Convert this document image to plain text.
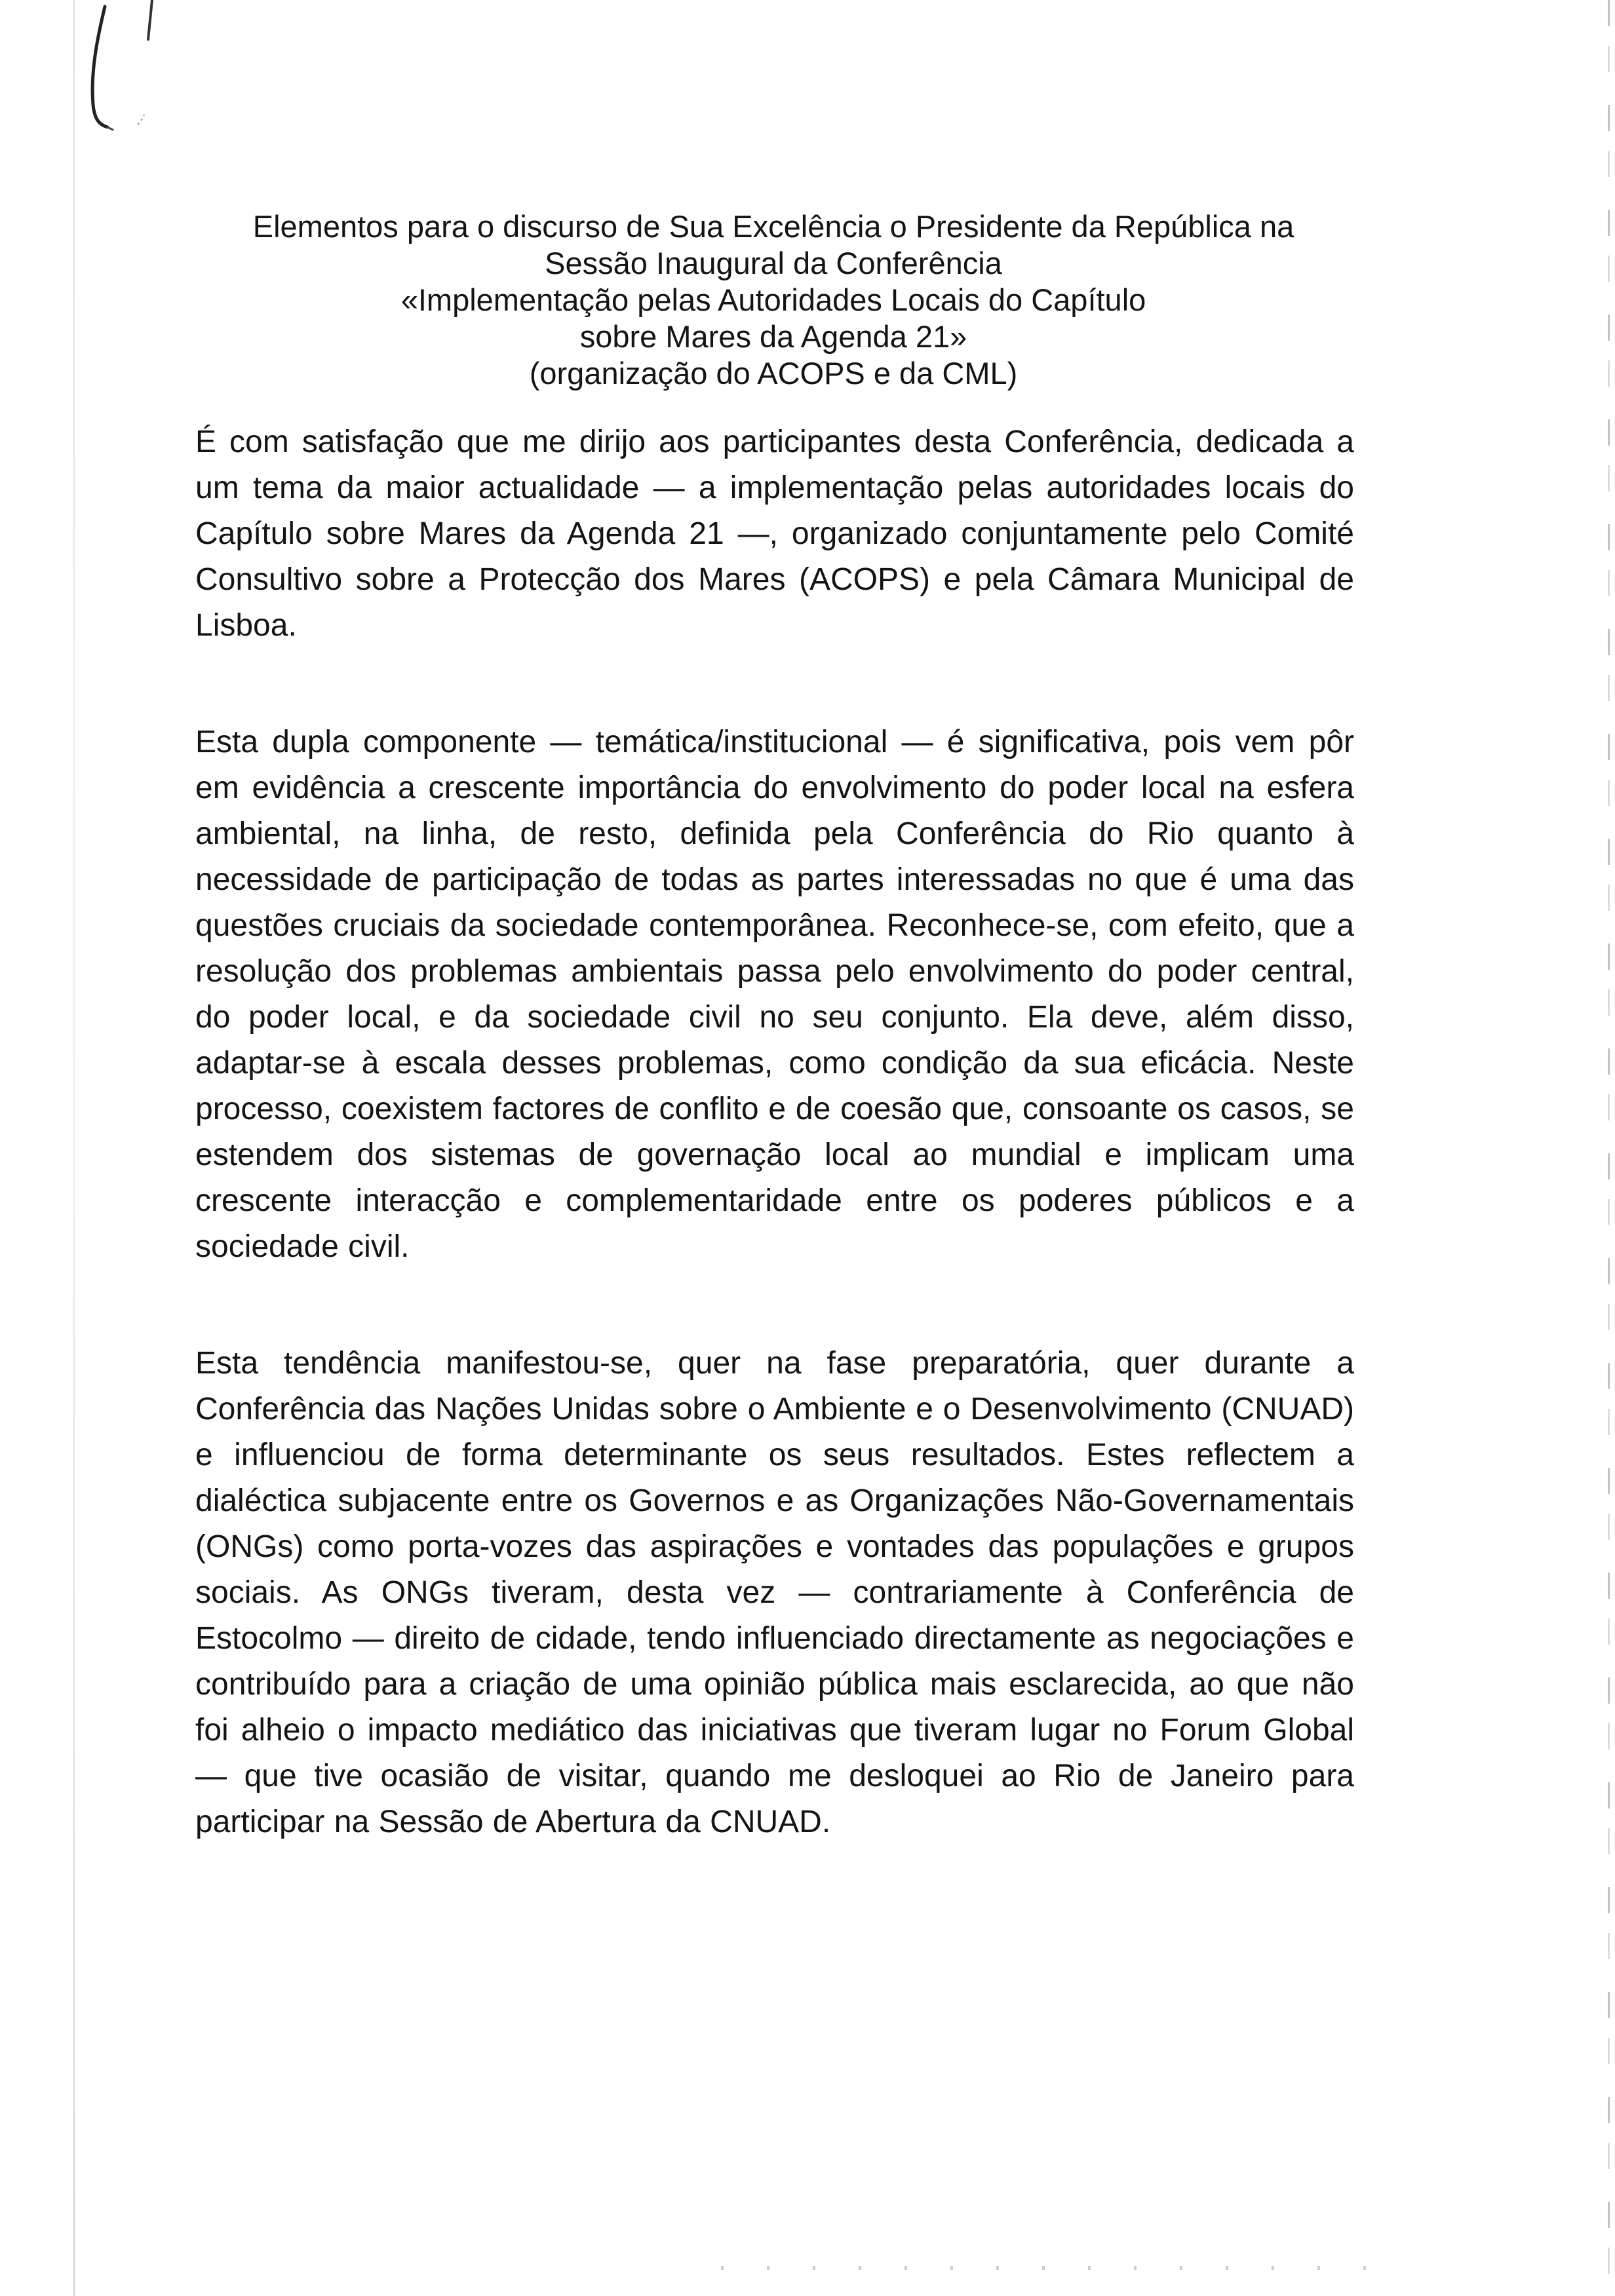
Elementos para o discurso de Sua Excelência o Presidente da República na
Sessão Inaugural da Conferência
«Implementação pelas Autoridades Locais do Capítulo
sobre Mares da Agenda 21»
(organização do ACOPS e da CML)

É com satisfação que me dirijo aos participantes desta Conferência, dedicada a um tema da maior actualidade — a implementação pelas autoridades locais do Capítulo sobre Mares da Agenda 21 —, organizado conjuntamente pelo Comité Consultivo sobre a Protecção dos Mares (ACOPS) e pela Câmara Municipal de Lisboa.

Esta dupla componente — temática/institucional — é significativa, pois vem pôr em evidência a crescente importância do envolvimento do poder local na esfera ambiental, na linha, de resto, definida pela Conferência do Rio quanto à necessidade de participação de todas as partes interessadas no que é uma das questões cruciais da sociedade contemporânea. Reconhece-se, com efeito, que a resolução dos problemas ambientais passa pelo envolvimento do poder central, do poder local, e da sociedade civil no seu conjunto. Ela deve, além disso, adaptar-se à escala desses problemas, como condição da sua eficácia. Neste processo, coexistem factores de conflito e de coesão que, consoante os casos, se estendem dos sistemas de governação local ao mundial e implicam uma crescente interacção e complementaridade entre os poderes públicos e a sociedade civil.

Esta tendência manifestou-se, quer na fase preparatória, quer durante a Conferência das Nações Unidas sobre o Ambiente e o Desenvolvimento (CNUAD) e influenciou de forma determinante os seus resultados. Estes reflectem a dialéctica subjacente entre os Governos e as Organizações Não-Governamentais (ONGs) como porta-vozes das aspirações e vontades das populações e grupos sociais. As ONGs tiveram, desta vez — contrariamente à Conferência de Estocolmo — direito de cidade, tendo influenciado directamente as negociações e contribuído para a criação de uma opinião pública mais esclarecida, ao que não foi alheio o impacto mediático das iniciativas que tiveram lugar no Forum Global — que tive ocasião de visitar, quando me desloquei ao Rio de Janeiro para participar na Sessão de Abertura da CNUAD.
